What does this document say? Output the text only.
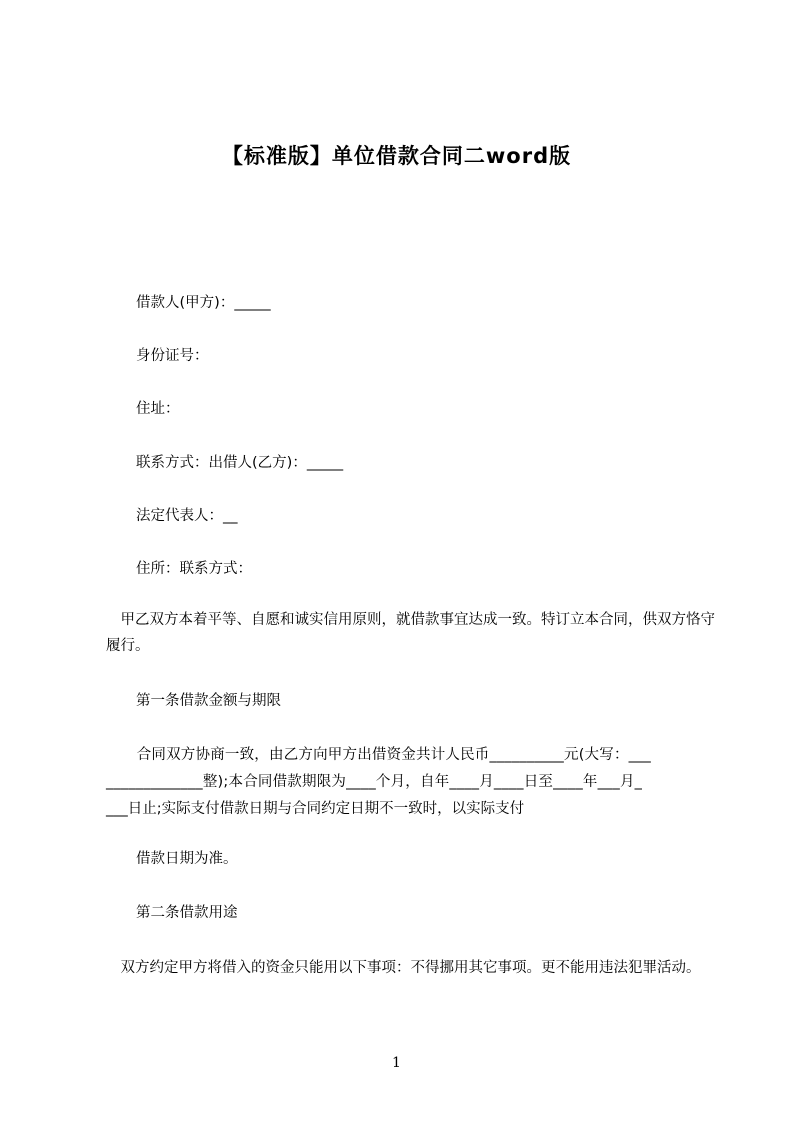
【标准版】单位借款合同二word版
借款人(甲方)：_____
身份证号：
住址：
联系方式：出借人(乙方)：_____
法定代表人：__
住所：联系方式：
　甲乙双方本着平等、自愿和诚实信用原则，就借款事宜达成一致。特订立本合同，供双方恪守履行。
第一条借款金额与期限
　合同双方协商一致，由乙方向甲方出借资金共计人民币__________元(大写：___
_____________整);本合同借款期限为____个月，自年____月____日至____年___月_
___日止;实际支付借款日期与合同约定日期不一致时，以实际支付
借款日期为准。
第二条借款用途
　双方约定甲方将借入的资金只能用以下事项：不得挪用其它事项。更不能用违法犯罪活动。
1
